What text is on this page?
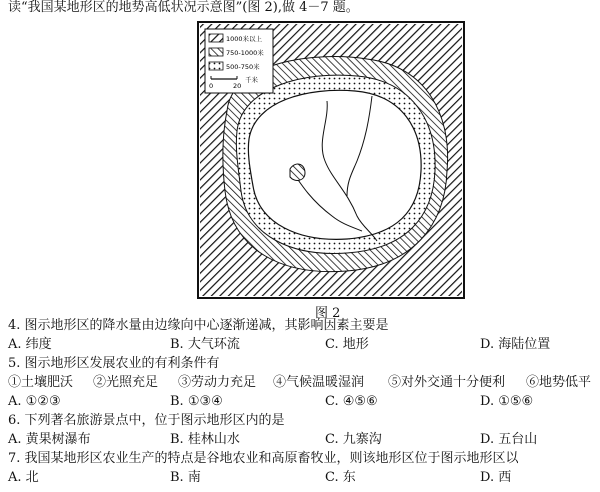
读“我国某地形区的地势高低状况示意图”(图 2),做 4－7 题。
1000米以上
750-1000米
500-750米
0	20
千米
图 2
4. 图示地形区的降水量由边缘向中心逐渐递减，其影响因素主要是
A. 纬度	B. 大气环流	C. 地形	D. 海陆位置
5. 图示地形区发展农业的有利条件有
①土壤肥沃 ②光照充足 ③劳动力充足 ④气候温暖湿润 ⑤对外交通十分便利 ⑥地势低平
A. ①②③	B. ①③④	C. ④⑤⑥	D. ①⑤⑥
6. 下列著名旅游景点中，位于图示地形区内的是
A. 黄果树瀑布	B. 桂林山水	C. 九寨沟	D. 五台山
7. 我国某地形区农业生产的特点是谷地农业和高原畜牧业，则该地形区位于图示地形区以
A. 北	B. 南	C. 东	D. 西
